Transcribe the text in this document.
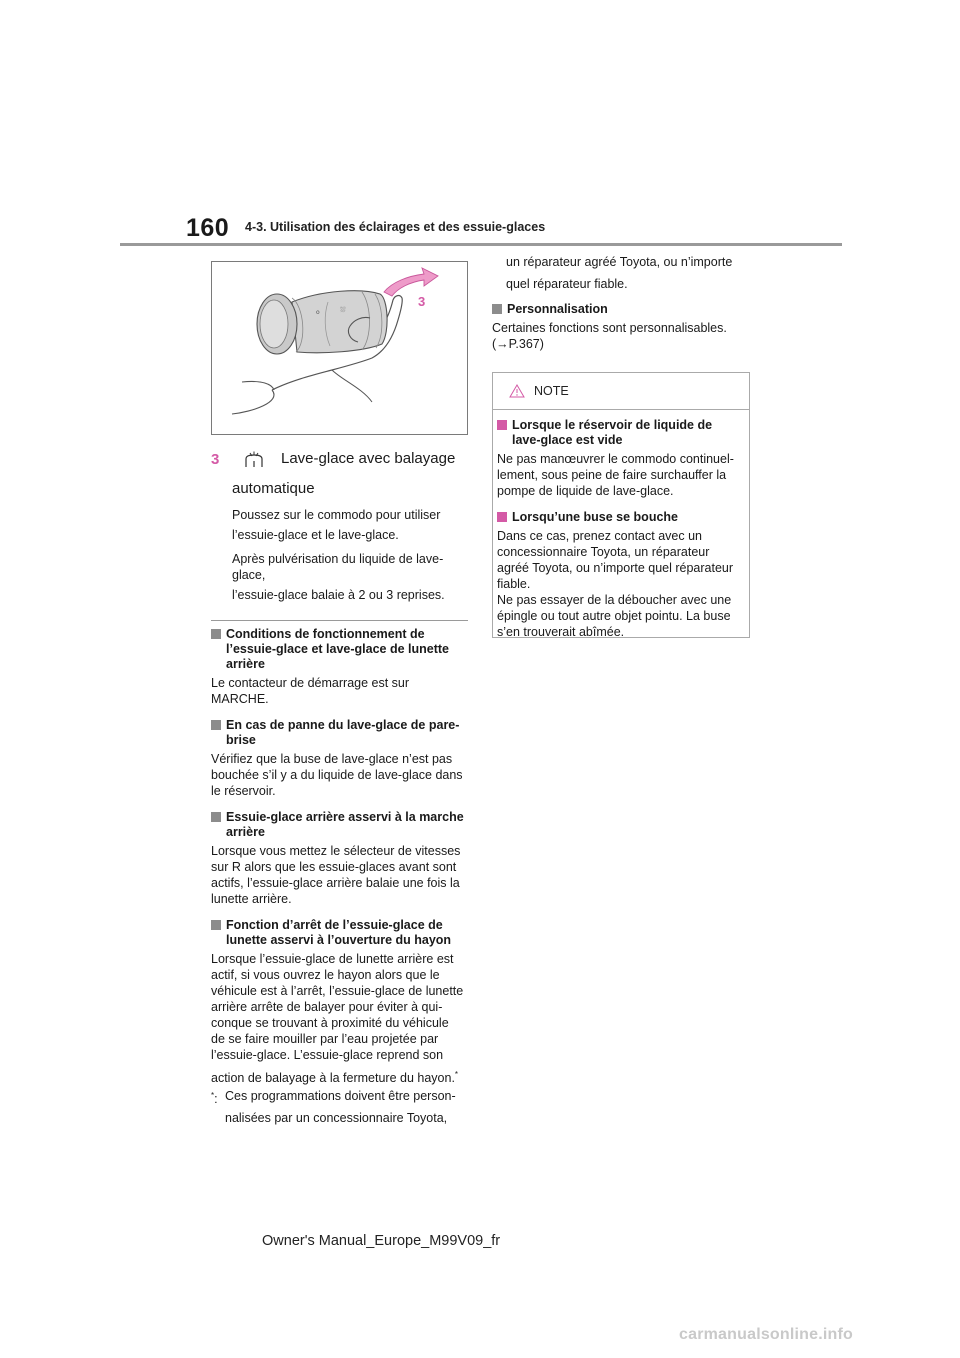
160 4-3. Utilisation des éclairages et des essuie-glaces
⛆
o
3
3	Lave-glace avec balayage
automatique

Poussez sur le commodo pour utiliser

l’essuie-glace et le lave-glace.

Après pulvérisation du liquide de lave-glace,

l’essuie-glace balaie à 2 ou 3 reprises.

Conditions de fonctionnement de
l’essuie-glace et lave-glace de lunette
arrière

Le contacteur de démarrage est sur

MARCHE.

En cas de panne du lave-glace de pare-
brise

Vérifiez que la buse de lave-glace n’est pas

bouchée s’il y a du liquide de lave-glace dans

le réservoir.

Essuie-glace arrière asservi à la marche
arrière

Lorsque vous mettez le sélecteur de vitesses

sur R alors que les essuie-glaces avant sont

actifs, l’essuie-glace arrière balaie une fois la

lunette arrière.

Fonction d’arrêt de l’essuie-glace de
lunette asservi à l’ouverture du hayon

Lorsque l’essuie-glace de lunette arrière est

actif, si vous ouvrez le hayon alors que le

véhicule est à l’arrêt, l’essuie-glace de lunette

arrière arrête de balayer pour éviter à qui-

conque se trouvant à proximité du véhicule

de se faire mouiller par l’eau projetée par

l’essuie-glace. L’essuie-glace reprend son

action de balayage à la fermeture du hayon.*

*: Ces programmations doivent être person-
nalisées par un concessionnaire Toyota,

un réparateur agréé Toyota, ou n’importe

quel réparateur fiable.

Personnalisation

Certaines fonctions sont personnalisables.

(→P.367)

NOTE
Lorsque le réservoir de liquide de
lave-glace est vide

Ne pas manœuvrer le commodo continuel-

lement, sous peine de faire surchauffer la

pompe de liquide de lave-glace.

Lorsqu’une buse se bouche

Dans ce cas, prenez contact avec un

concessionnaire Toyota, un réparateur

agréé Toyota, ou n’importe quel réparateur

fiable.

Ne pas essayer de la déboucher avec une

épingle ou tout autre objet pointu. La buse

s’en trouverait abîmée.

Owner's Manual_Europe_M99V09_fr
carmanualsonline.info
